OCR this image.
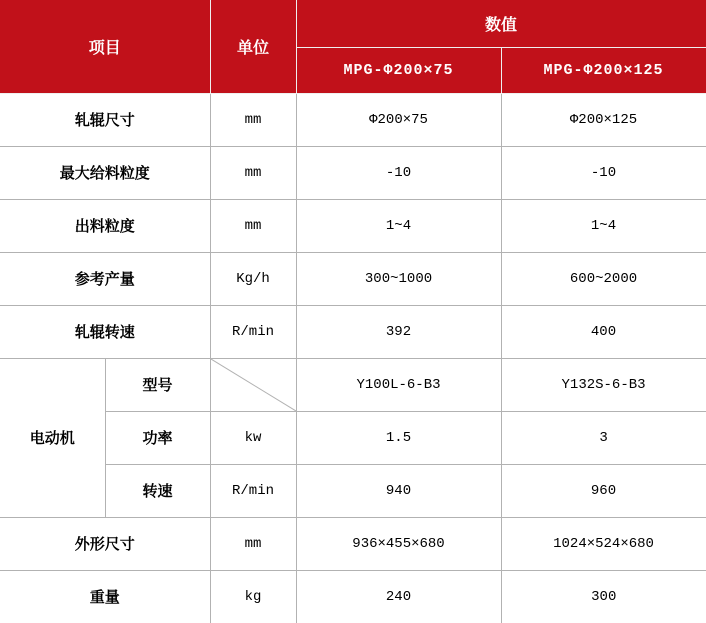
项目		单位	数值	
			MPG-Φ200×75	MPG-Φ200×125
轧辊尺寸		mm	Φ200×75	Φ200×125
最大给料粒度		mm	-10	-10
出料粒度		mm	1~4	1~4
参考产量		Kg/h	300~1000	600~2000
轧辊转速		R/min	392	400
电动机	型号		Y100L-6-B3	Y132S-6-B3
	功率	kw	1.5	3
	转速	R/min	940	960
外形尺寸		mm	936×455×680	1024×524×680
重量		kg	240	300
